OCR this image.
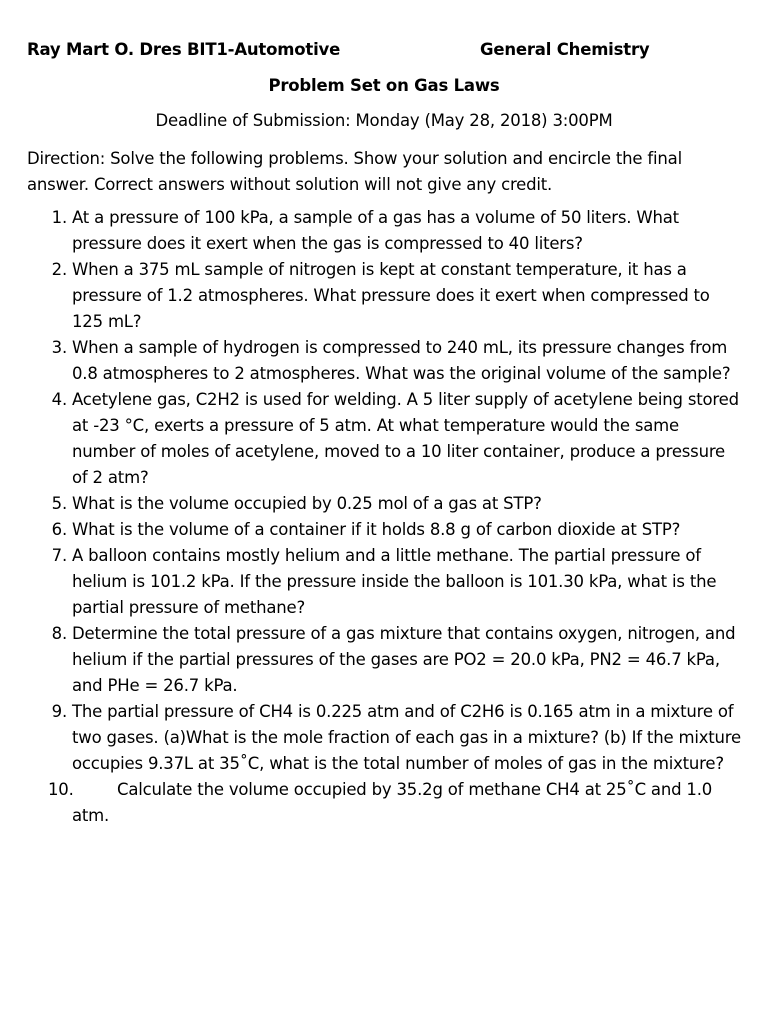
Ray Mart O. Dres BIT1-Automotive	General Chemistry
Problem Set on Gas Laws
Deadline of Submission: Monday (May 28, 2018) 3:00PM
Direction: Solve the following problems. Show your solution and encircle the final answer. Correct answers without solution will not give any credit.
1. At a pressure of 100 kPa, a sample of a gas has a volume of 50 liters. What pressure does it exert when the gas is compressed to 40 liters?
2. When a 375 mL sample of nitrogen is kept at constant temperature, it has a pressure of 1.2 atmospheres. What pressure does it exert when compressed to 125 mL?
3. When a sample of hydrogen is compressed to 240 mL, its pressure changes from 0.8 atmospheres to 2 atmospheres. What was the original volume of the sample?
4. Acetylene gas, C2H2 is used for welding. A 5 liter supply of acetylene being stored at -23 °C, exerts a pressure of 5 atm. At what temperature would the same number of moles of acetylene, moved to a 10 liter container, produce a pressure of 2 atm?
5. What is the volume occupied by 0.25 mol of a gas at STP?
6. What is the volume of a container if it holds 8.8 g of carbon dioxide at STP?
7. A balloon contains mostly helium and a little methane. The partial pressure of helium is 101.2 kPa. If the pressure inside the balloon is 101.30 kPa, what is the partial pressure of methane?
8. Determine the total pressure of a gas mixture that contains oxygen, nitrogen, and helium if the partial pressures of the gases are PO2 = 20.0 kPa, PN2 = 46.7 kPa, and PHe = 26.7 kPa.
9. The partial pressure of CH4 is 0.225 atm and of C2H6 is 0.165 atm in a mixture of two gases. (a)What is the mole fraction of each gas in a mixture? (b) If the mixture occupies 9.37L at 35˚C, what is the total number of moles of gas in the mixture?
10.	Calculate the volume occupied by 35.2g of methane CH4 at 25˚C and 1.0 atm.
